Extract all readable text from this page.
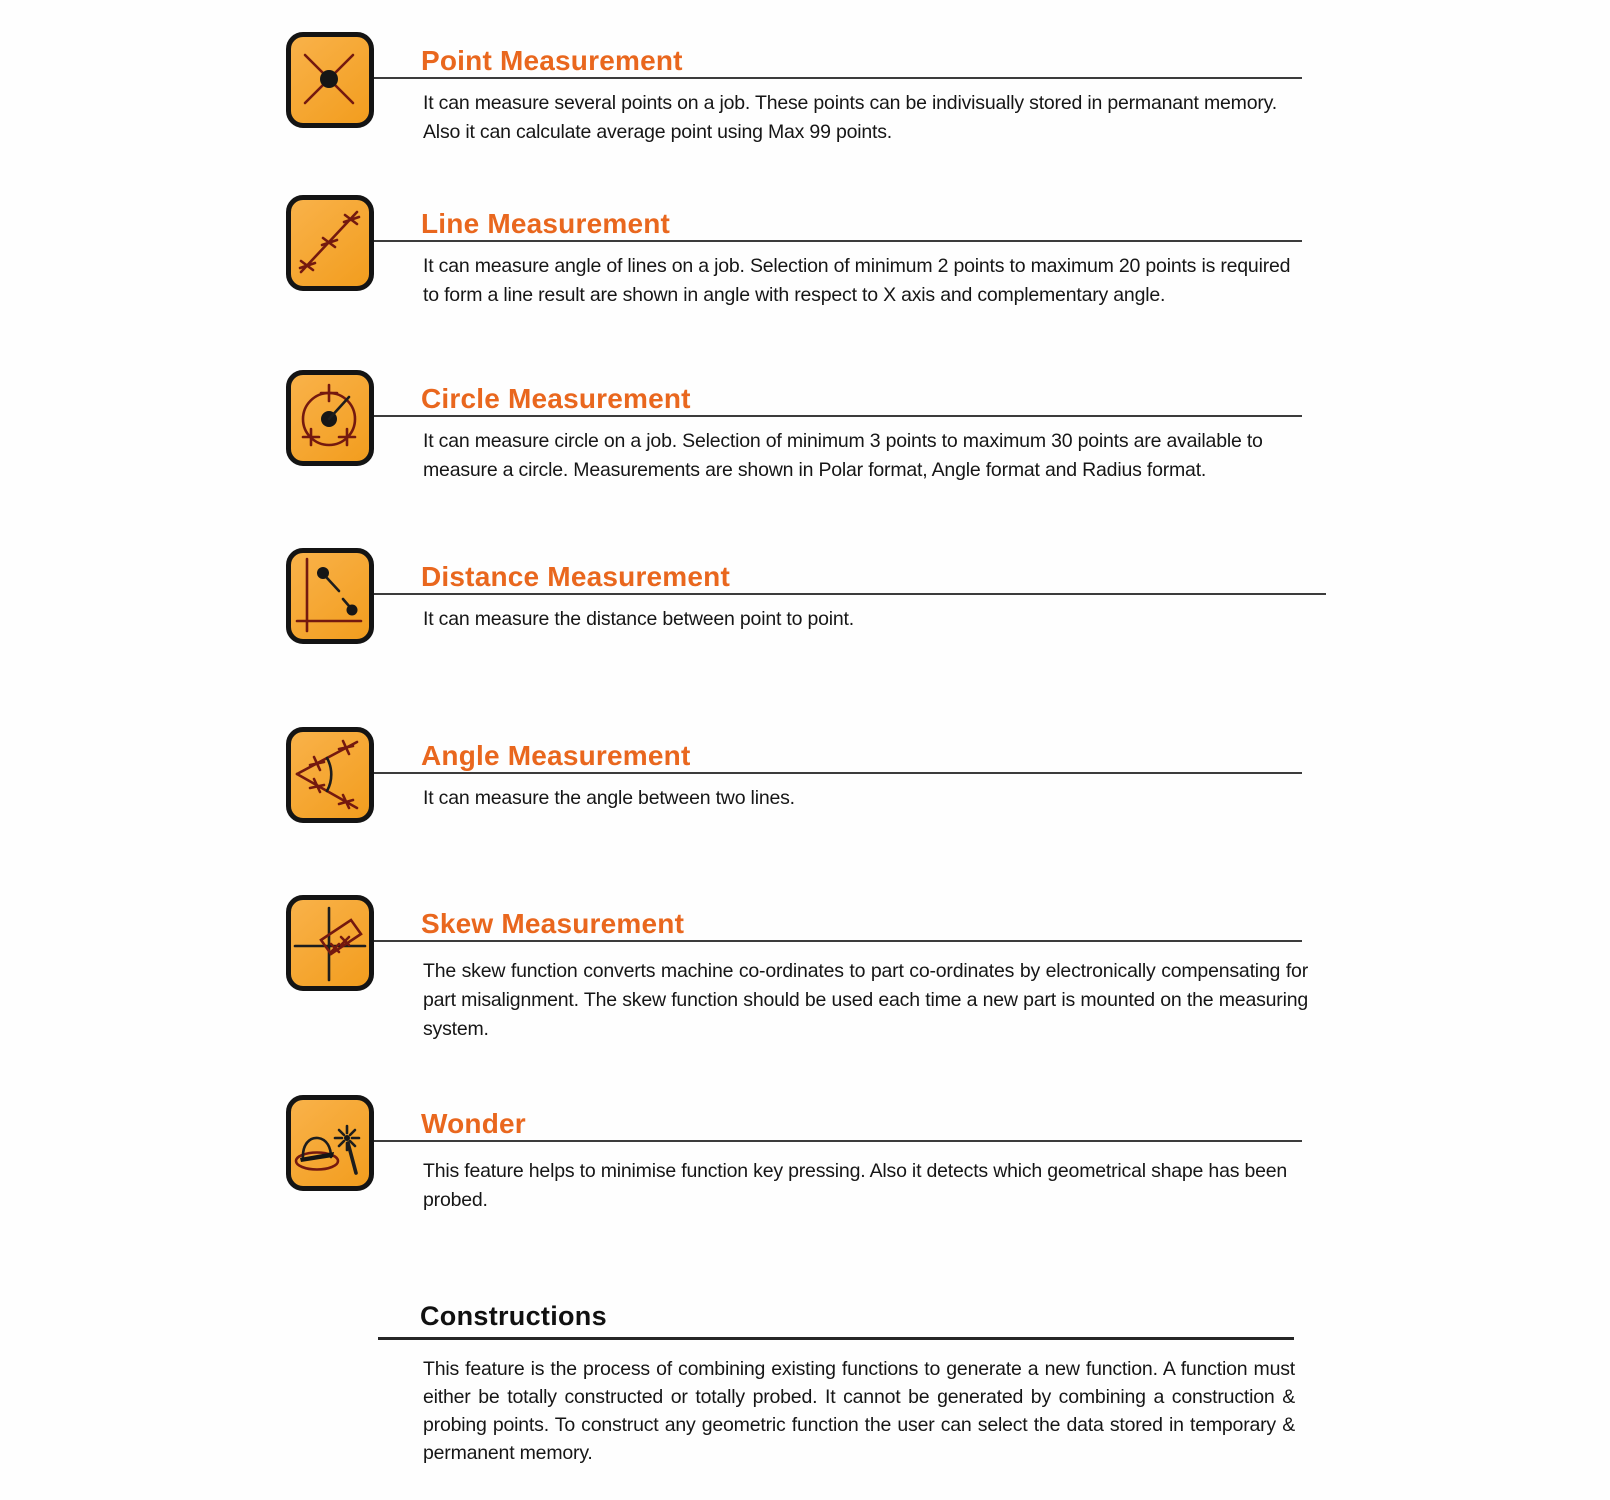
Point Measurement

It can measure several points on a job. These points can be indivisually stored in permanant memory. Also it can calculate average point using Max 99 points.

Line Measurement

It can measure angle of lines on a job. Selection of minimum 2 points to maximum 20 points is required to form a line result are shown in angle with respect to X axis and complementary angle.

Circle Measurement

It can measure circle on a job. Selection of minimum 3 points to maximum 30 points are available to measure a circle. Measurements are shown in Polar format, Angle format and Radius format.

Distance Measurement

It can measure the distance between point to point.

Angle Measurement

It can measure the angle between two lines.

Skew Measurement

The skew function converts machine co-ordinates to part co-ordinates by electronically compensating for part misalignment. The skew function should be used each time a new part is mounted on the measuring system.

Wonder

This feature helps to minimise function key pressing. Also it detects which geometrical shape has been probed.

Constructions

This feature is the process of combining existing functions to generate a new function. A function must either be totally constructed or totally probed. It cannot be generated by combining a construction & probing points. To construct any geometric function the user can select the data stored in temporary & permanent memory.
